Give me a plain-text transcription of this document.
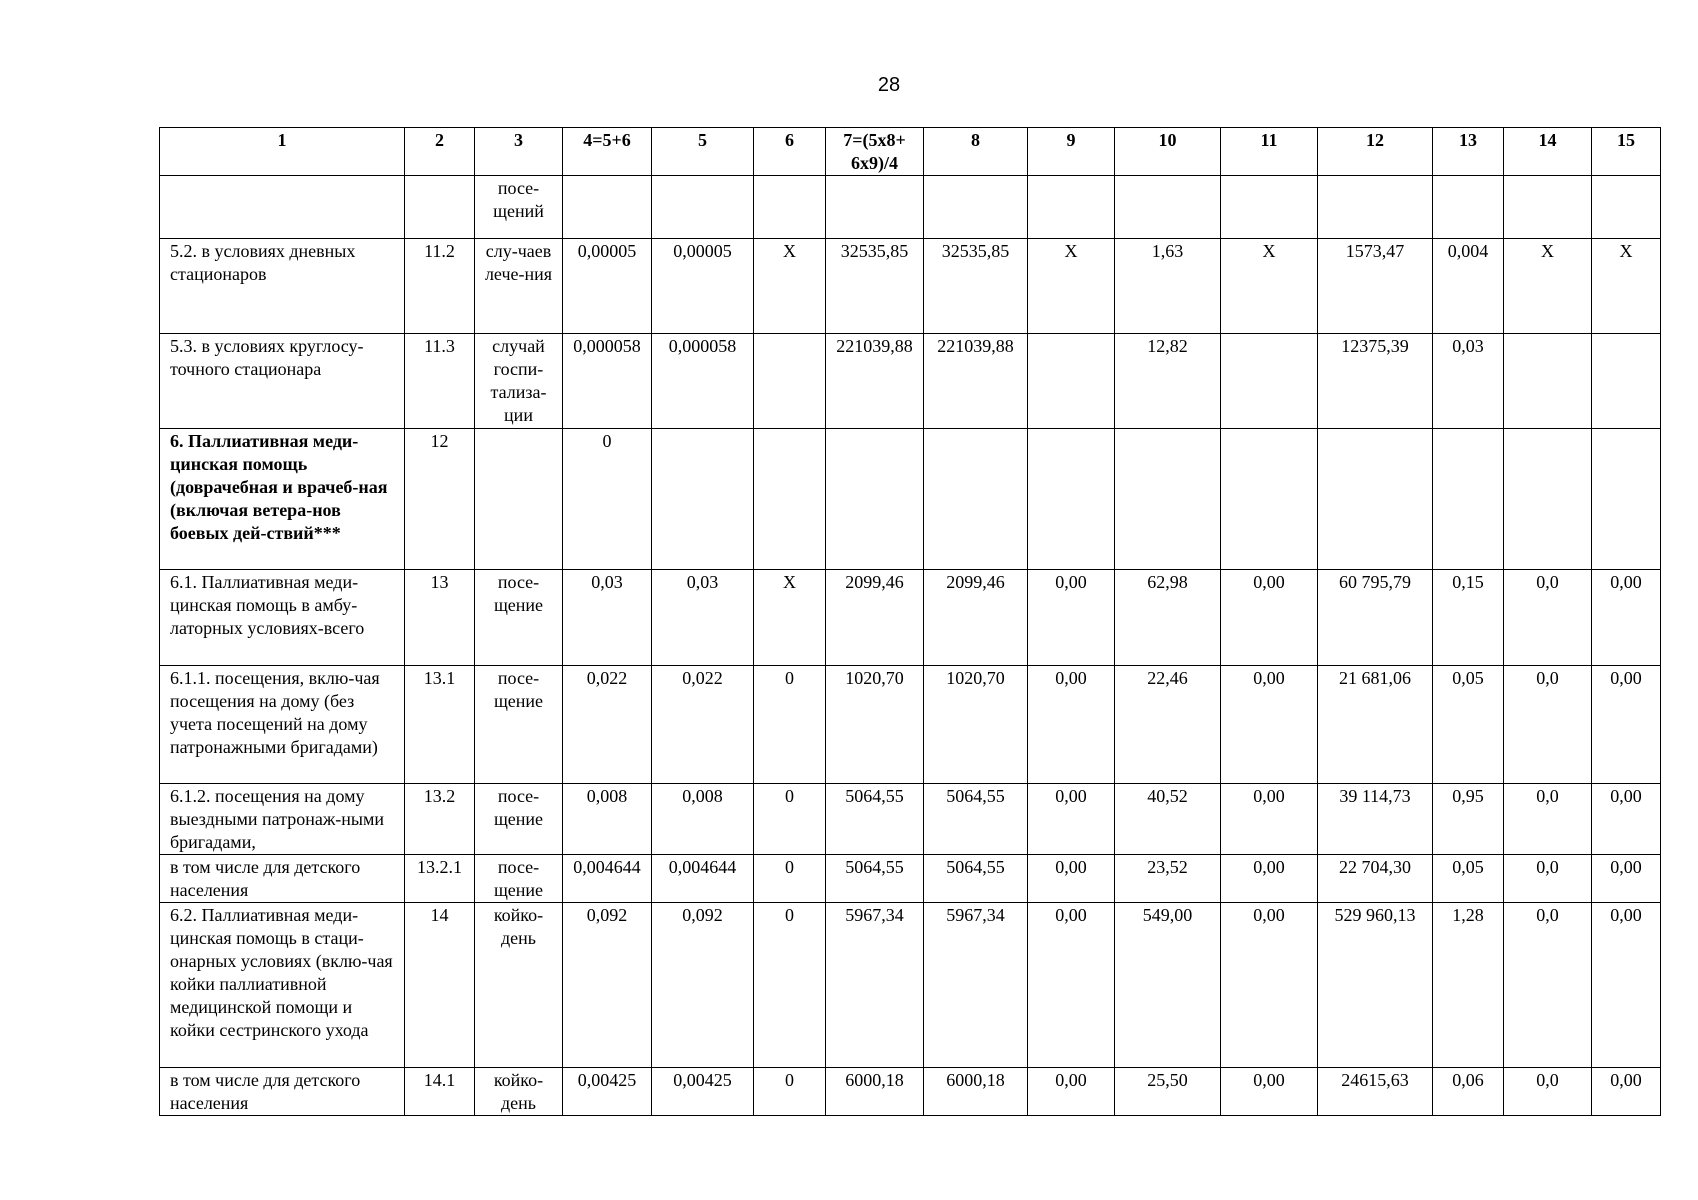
28
1	2	3	4=5+6	5	6	7=(5х8+ 6х9)/4	8	9	10	11	12	13	14	15
		посе-щений												
5.2. в условиях дневных стационаров	11.2	слу-чаев лече-ния	0,00005	0,00005	Х	32535,85	32535,85	Х	1,63	Х	1573,47	0,004	Х	Х
5.3. в условиях круглосу-точного стационара	11.3	случай госпи-тализа-ции	0,000058	0,000058		221039,88	221039,88		12,82		12375,39	0,03		
6. Паллиативная меди-цинская помощь (доврачебная и врачеб-ная (включая ветера-нов боевых дей-ствий***	12		0											
6.1. Паллиативная меди-цинская помощь в амбу-латорных условиях-всего	13	посе-щение	0,03	0,03	Х	2099,46	2099,46	0,00	62,98	0,00	60 795,79	0,15	0,0	0,00
6.1.1. посещения, вклю-чая посещения на дому (без учета посещений на дому патронажными бригадами)	13.1	посе-щение	0,022	0,022	0	1020,70	1020,70	0,00	22,46	0,00	21 681,06	0,05	0,0	0,00
6.1.2. посещения на дому выездными патронаж-ными бригадами,	13.2	посе-щение	0,008	0,008	0	5064,55	5064,55	0,00	40,52	0,00	39 114,73	0,95	0,0	0,00
в том числе для детского населения	13.2.1	посе-щение	0,004644	0,004644	0	5064,55	5064,55	0,00	23,52	0,00	22 704,30	0,05	0,0	0,00
6.2. Паллиативная меди-цинская помощь в стаци-онарных условиях (вклю-чая койки паллиативной медицинской помощи и койки сестринского ухода	14	койко-день	0,092	0,092	0	5967,34	5967,34	0,00	549,00	0,00	529 960,13	1,28	0,0	0,00
в том числе для детского населения	14.1	койко-день	0,00425	0,00425	0	6000,18	6000,18	0,00	25,50	0,00	24615,63	0,06	0,0	0,00
